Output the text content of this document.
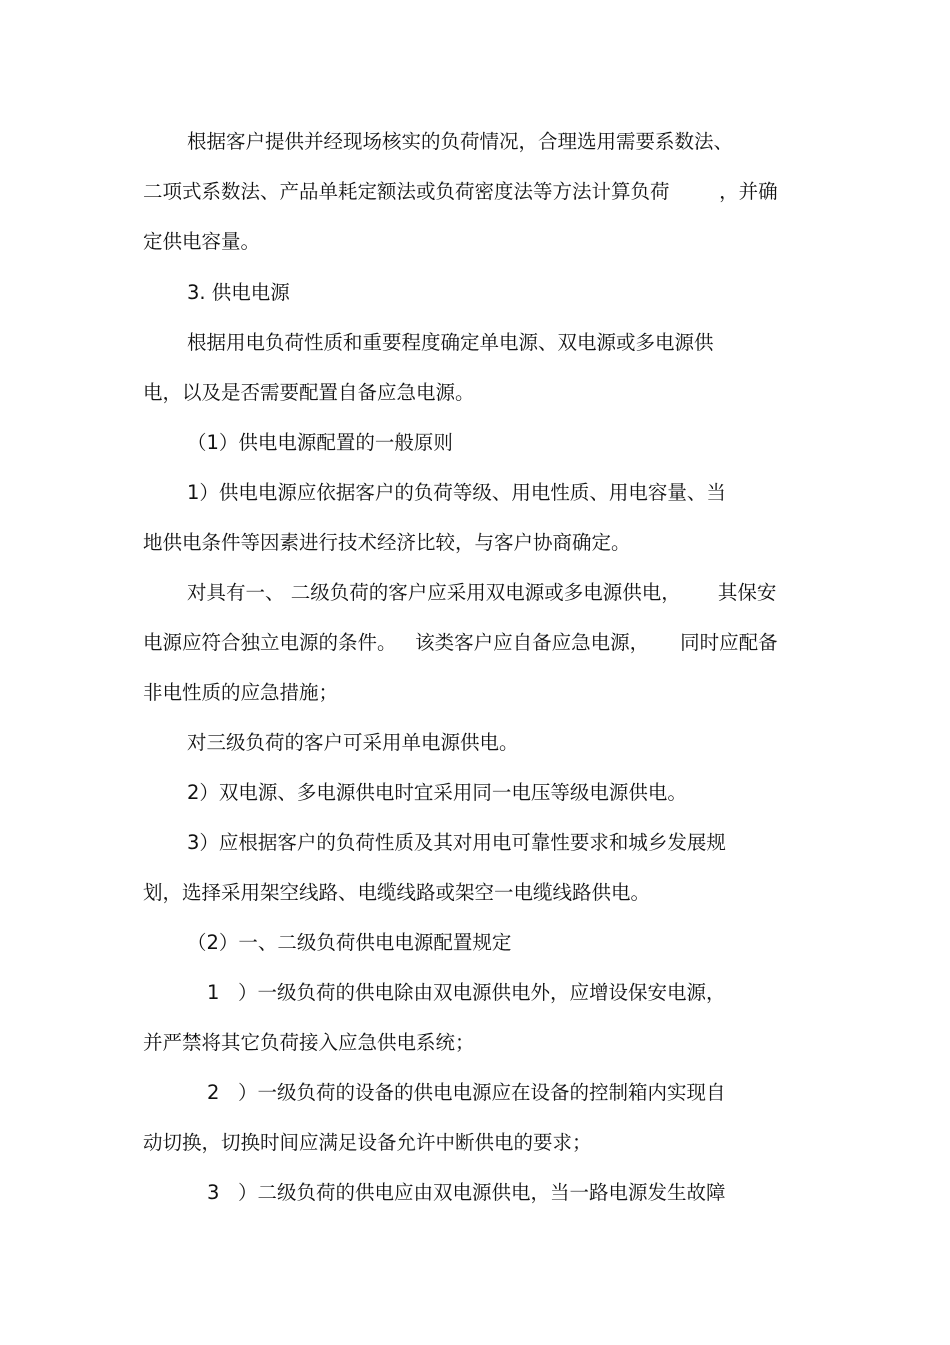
根据客户提供并经现场核实的负荷情况，合理选用需要系数法、

二项式系数法、产品单耗定额法或负荷密度法等方法计算负荷        ，并确

定供电容量。

3. 供电电源

根据用电负荷性质和重要程度确定单电源、双电源或多电源供

电，以及是否需要配置自备应急电源。

（1）供电电源配置的一般原则

1）供电电源应依据客户的负荷等级、用电性质、用电容量、当

地供电条件等因素进行技术经济比较，与客户协商确定。

对具有一、 二级负荷的客户应采用双电源或多电源供电，      其保安

电源应符合独立电源的条件。   该类客户应自备应急电源，     同时应配备

非电性质的应急措施；

对三级负荷的客户可采用单电源供电。

2）双电源、多电源供电时宜采用同一电压等级电源供电。

3）应根据客户的负荷性质及其对用电可靠性要求和城乡发展规

划，选择采用架空线路、电缆线路或架空一电缆线路供电。

（2）一、二级负荷供电电源配置规定

1   ）一级负荷的供电除由双电源供电外，应增设保安电源，

并严禁将其它负荷接入应急供电系统；

2   ）一级负荷的设备的供电电源应在设备的控制箱内实现自

动切换，切换时间应满足设备允许中断供电的要求；

3   ）二级负荷的供电应由双电源供电，当一路电源发生故障
